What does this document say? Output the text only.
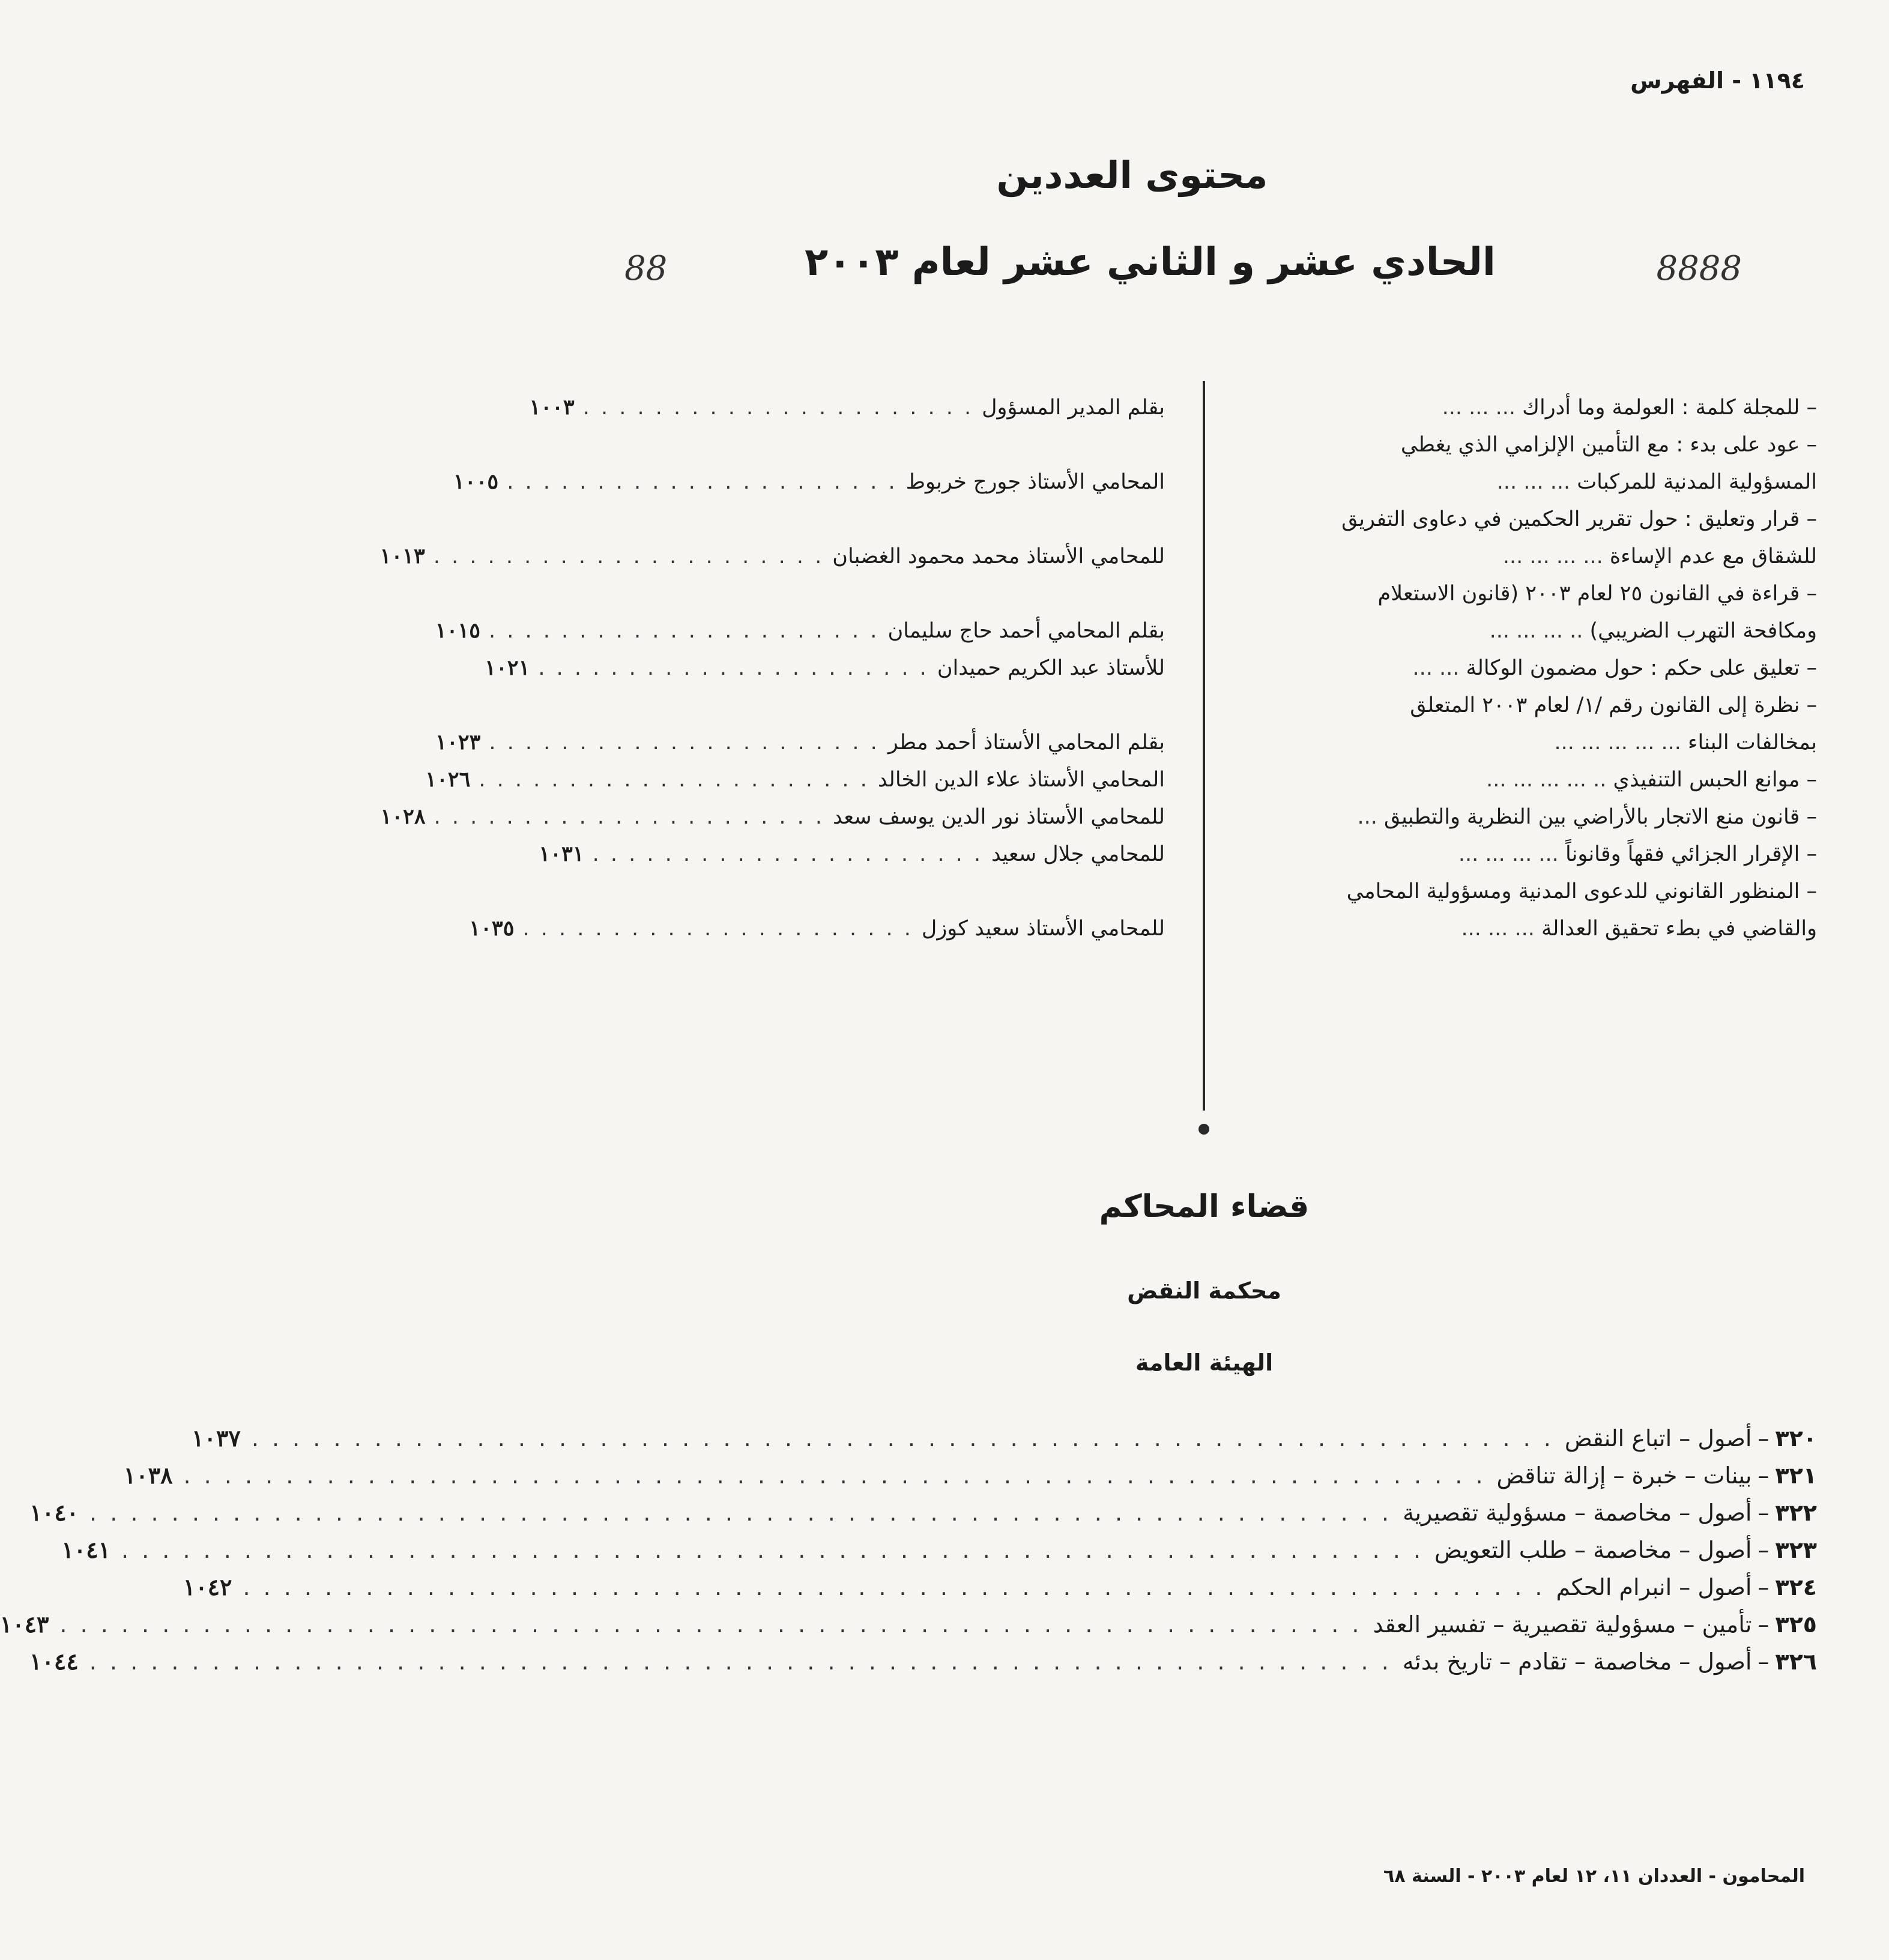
١١٩٤ - الفهرس
محتوى العددين
الحادي عشر و الثاني عشر لعام ٢٠٠٣	8888
88
– للمجلة كلمة : العولمة وما أدراك ... ... ...
– عود على بدء : مع التأمين الإلزامي الذي يغطي
المسؤولية المدنية للمركبات ... ... ...
– قرار وتعليق : حول تقرير الحكمين في دعاوى التفريق
للشقاق مع عدم الإساءة ... ... ... ...
– قراءة في القانون ٢٥ لعام ٢٠٠٣ (قانون الاستعلام
ومكافحة التهرب الضريبي) .. ... ... ...
– تعليق على حكم : حول مضمون الوكالة ... ...
– نظرة إلى القانون رقم /١/ لعام ٢٠٠٣ المتعلق
بمخالفات البناء ... ... ... ... ...
– موانع الحبس التنفيذي .. ... ... ... ...
– قانون منع الاتجار بالأراضي بين النظرية والتطبيق ...
– الإقرار الجزائي فقهاً وقانوناً ... ... ... ...
– المنظور القانوني للدعوى المدنية ومسؤولية المحامي
والقاضي في بطء تحقيق العدالة ... ... ...
بقلم المدير المسؤول
. . . . . . . . . . . . . . . . . . . . . .
١٠٠٣
المحامي الأستاذ جورج خربوط
. . . . . . . . . . . . . . . . . . . . . .
١٠٠٥
للمحامي الأستاذ محمد محمود الغضبان
. . . . . . . . . . . . . . . . . . . . . .
١٠١٣
بقلم المحامي أحمد حاج سليمان
. . . . . . . . . . . . . . . . . . . . . .
١٠١٥
للأستاذ عبد الكريم حميدان
. . . . . . . . . . . . . . . . . . . . . .
١٠٢١
بقلم المحامي الأستاذ أحمد مطر
. . . . . . . . . . . . . . . . . . . . . .
١٠٢٣
المحامي الأستاذ علاء الدين الخالد
. . . . . . . . . . . . . . . . . . . . . .
١٠٢٦
للمحامي الأستاذ نور الدين يوسف سعد
. . . . . . . . . . . . . . . . . . . . . .
١٠٢٨
للمحامي جلال سعيد
. . . . . . . . . . . . . . . . . . . . . .
١٠٣١
للمحامي الأستاذ سعيد كوزل
. . . . . . . . . . . . . . . . . . . . . .
١٠٣٥
قضاء المحاكم
محكمة النقض
الهيئة العامة
٣٢٠
–
أصول – اتباع النقض
. . . . . . . . . . . . . . . . . . . . . . . . . . . . . . . . . . . . . . . . . . . . . . . . . . . . . . . . . . . . . . . .
١٠٣٧
٣٢١
–
بينات – خبرة – إزالة تناقض
. . . . . . . . . . . . . . . . . . . . . . . . . . . . . . . . . . . . . . . . . . . . . . . . . . . . . . . . . . . . . . . .
١٠٣٨
٣٢٢
–
أصول – مخاصمة – مسؤولية تقصيرية
. . . . . . . . . . . . . . . . . . . . . . . . . . . . . . . . . . . . . . . . . . . . . . . . . . . . . . . . . . . . . . . .
١٠٤٠
٣٢٣
–
أصول – مخاصمة – طلب التعويض
. . . . . . . . . . . . . . . . . . . . . . . . . . . . . . . . . . . . . . . . . . . . . . . . . . . . . . . . . . . . . . . .
١٠٤١
٣٢٤
–
أصول – انبرام الحكم
. . . . . . . . . . . . . . . . . . . . . . . . . . . . . . . . . . . . . . . . . . . . . . . . . . . . . . . . . . . . . . . .
١٠٤٢
٣٢٥
–
تأمين – مسؤولية تقصيرية – تفسير العقد
. . . . . . . . . . . . . . . . . . . . . . . . . . . . . . . . . . . . . . . . . . . . . . . . . . . . . . . . . . . . . . . .
١٠٤٣
٣٢٦
–
أصول – مخاصمة – تقادم – تاريخ بدئه
. . . . . . . . . . . . . . . . . . . . . . . . . . . . . . . . . . . . . . . . . . . . . . . . . . . . . . . . . . . . . . . .
١٠٤٤
المحامون - العددان ١١، ١٢ لعام ٢٠٠٣ - السنة ٦٨
